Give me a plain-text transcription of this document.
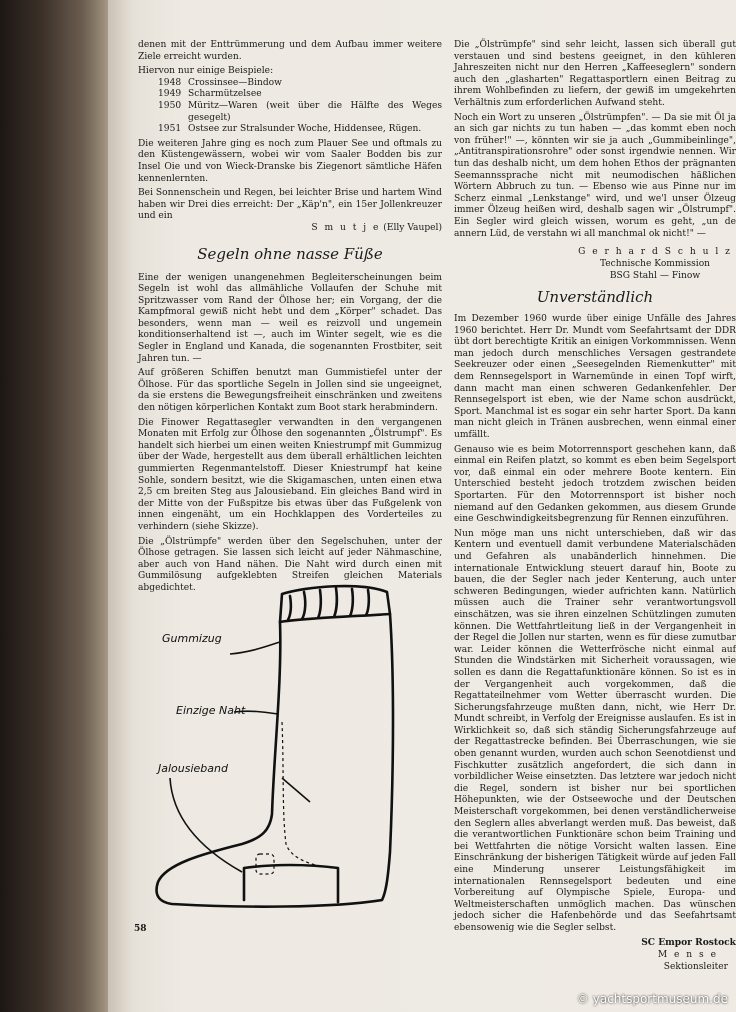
denen mit der Enttrümmerung und dem Aufbau immer weitere Ziele erreicht wurden.

Hiervon nur einige Beispiele:

1948 Crossinsee—Bindow
1949 Scharmützelsee
1950 Müritz—Waren (weit über die Hälfte des Weges gesegelt)
1951 Ostsee zur Stralsunder Woche, Hiddensee, Rügen.

Die weiteren Jahre ging es noch zum Plauer See und oftmals zu den Küstengewässern, wobei wir vom Saaler Bodden bis zur Insel Oie und von Wieck-Dranske bis Ziegenort sämtliche Häfen kennenlernten.

Bei Sonnenschein und Regen, bei leichter Brise und hartem Wind haben wir Drei dies erreicht: Der „Käp'n", ein 15er Jollenkreuzer und ein

S m u t j e (Elly Vaupel)
Segeln ohne nasse Füße

Eine der wenigen unangenehmen Begleiterscheinungen beim Segeln ist wohl das allmähliche Vollaufen der Schuhe mit Spritzwasser vom Rand der Ölhose her; ein Vorgang, der die Kampfmoral gewiß nicht hebt und dem „Körper" schadet. Das besonders, wenn man — weil es reizvoll und ungemein konditionserhaltend ist —, auch im Winter segelt, wie es die Segler in England und Kanada, die sogenannten Frostbiter, seit Jahren tun. —

Auf größeren Schiffen benutzt man Gummistiefel unter der Ölhose. Für das sportliche Segeln in Jollen sind sie ungeeignet, da sie erstens die Bewegungsfreiheit einschränken und zweitens den nötigen körperlichen Kontakt zum Boot stark herabmindern.

Die Finower Regattasegler verwandten in den vergangenen Monaten mit Erfolg zur Ölhose den sogenannten „Ölstrumpf". Es handelt sich hierbei um einen weiten Kniestrumpf mit Gummizug über der Wade, hergestellt aus dem überall erhältlichen leichten gummierten Regenmantelstoff. Dieser Kniestrumpf hat keine Sohle, sondern besitzt, wie die Skigamaschen, unten einen etwa 2,5 cm breiten Steg aus Jalousieband. Ein gleiches Band wird in der Mitte von der Fußspitze bis etwas über das Fußgelenk von innen eingenäht, um ein Hochklappen des Vorderteiles zu verhindern (siehe Skizze).

Die „Ölstrümpfe" werden über den Segelschuhen, unter der Ölhose getragen. Sie lassen sich leicht auf jeder Nähmaschine, aber auch von Hand nähen. Die Naht wird durch einen mit Gummilösung aufgeklebten Streifen gleichen Materials abgedichtet.

Gummizug
Einzige Naht
Jalousieband

Die „Ölstrümpfe" sind sehr leicht, lassen sich überall gut verstauen und sind bestens geeignet, in den kühleren Jahreszeiten nicht nur den Herren „Kaffeeseglern" sondern auch den „glasharten" Regattasportlern einen Beitrag zu ihrem Wohlbefinden zu liefern, der gewiß im umgekehrten Verhältnis zum erforderlichen Aufwand steht.

Noch ein Wort zu unseren „Ölstrümpfen". — Da sie mit Öl ja an sich gar nichts zu tun haben — „das kommt eben noch von früher!" —, könnten wir sie ja auch „Gummibeinlinge", „Antitranspirationsrohre" oder sonst irgendwie nennen. Wir tun das deshalb nicht, um dem hohen Ethos der prägnanten Seemannssprache nicht mit neumodischen häßlichen Wörtern Abbruch zu tun. — Ebenso wie aus Pinne nur im Scherz einmal „Lenkstange" wird, und we'l unser Ölzeug immer Ölzeug heißen wird, deshalb sagen wir „Ölstrumpf". Ein Segler wird gleich wissen, worum es geht, „un de annern Lüd, de verstahn wi all manchmal ok nicht!" —

G e r h a r d S c h u l z
Technische Kommission
BSG Stahl — Finow
Unverständlich

Im Dezember 1960 wurde über einige Unfälle des Jahres 1960 berichtet. Herr Dr. Mundt vom Seefahrtsamt der DDR übt dort berechtigte Kritik an einigen Vorkommnissen. Wenn man jedoch durch menschliches Versagen gestrandete Seekreuzer oder einen „Seesegelnden Riemenkutter" mit dem Rennsegelsport in Warnemünde in einen Topf wirft, dann macht man einen schweren Gedankenfehler. Der Rennsegelsport ist eben, wie der Name schon ausdrückt, Sport. Manchmal ist es sogar ein sehr harter Sport. Da kann man nicht gleich in Tränen ausbrechen, wenn einmal einer umfällt.

Genauso wie es beim Motorrennsport geschehen kann, daß einmal ein Reifen platzt, so kommt es eben beim Segelsport vor, daß einmal ein oder mehrere Boote kentern. Ein Unterschied besteht jedoch trotzdem zwischen beiden Sportarten. Für den Motorrennsport ist bisher noch niemand auf den Gedanken gekommen, aus diesem Grunde eine Geschwindigkeitsbegrenzung für Rennen einzuführen.

Nun möge man uns nicht unterschieben, daß wir das Kentern und eventuell damit verbundene Materialschäden und Gefahren als unabänderlich hinnehmen. Die internationale Entwicklung steuert darauf hin, Boote zu bauen, die der Segler nach jeder Kenterung, auch unter schweren Bedingungen, wieder aufrichten kann. Natürlich müssen auch die Trainer sehr verantwortungsvoll einschätzen, was sie ihren einzelnen Schützlingen zumuten können. Die Wettfahrtleitung ließ in der Vergangenheit in der Regel die Jollen nur starten, wenn es für diese zumutbar war. Leider können die Wetterfrösche nicht einmal auf Stunden die Windstärken mit Sicherheit voraussagen, wie sollen es dann die Regattafunktionäre können. So ist es in der Vergangenheit auch vorgekommen, daß die Regattateilnehmer vom Wetter überrascht wurden. Die Sicherungsfahrzeuge mußten dann, nicht, wie Herr Dr. Mundt schreibt, in Verfolg der Ereignisse auslaufen. Es ist in Wirklichkeit so, daß sich ständig Sicherungsfahrzeuge auf der Regattastrecke befinden. Bei Überraschungen, wie sie oben genannt wurden, wurden auch schon Seenotdienst und Fischkutter zusätzlich angefordert, die sich dann in vorbildlicher Weise einsetzten. Das letztere war jedoch nicht die Regel, sondern ist bisher nur bei sportlichen Höhepunkten, wie der Ostseewoche und der Deutschen Meisterschaft vorgekommen, bei denen verständlicherweise den Seglern alles abverlangt werden muß. Das beweist, daß die verantwortlichen Funktionäre schon beim Training und bei Wettfahrten die nötige Vorsicht walten lassen. Eine Einschränkung der bisherigen Tätigkeit würde auf jeden Fall eine Minderung unserer Leistungsfähigkeit im internationalen Rennsegelsport bedeuten und eine Vorbereitung auf Olympische Spiele, Europa- und Weltmeisterschaften unmöglich machen. Das wünschen jedoch sicher die Hafenbehörde und das Seefahrtsamt ebensowenig wie die Segler selbst.

SC Empor Rostock
M e n s e
Sektionsleiter
58
© yachtsportmuseum.de
